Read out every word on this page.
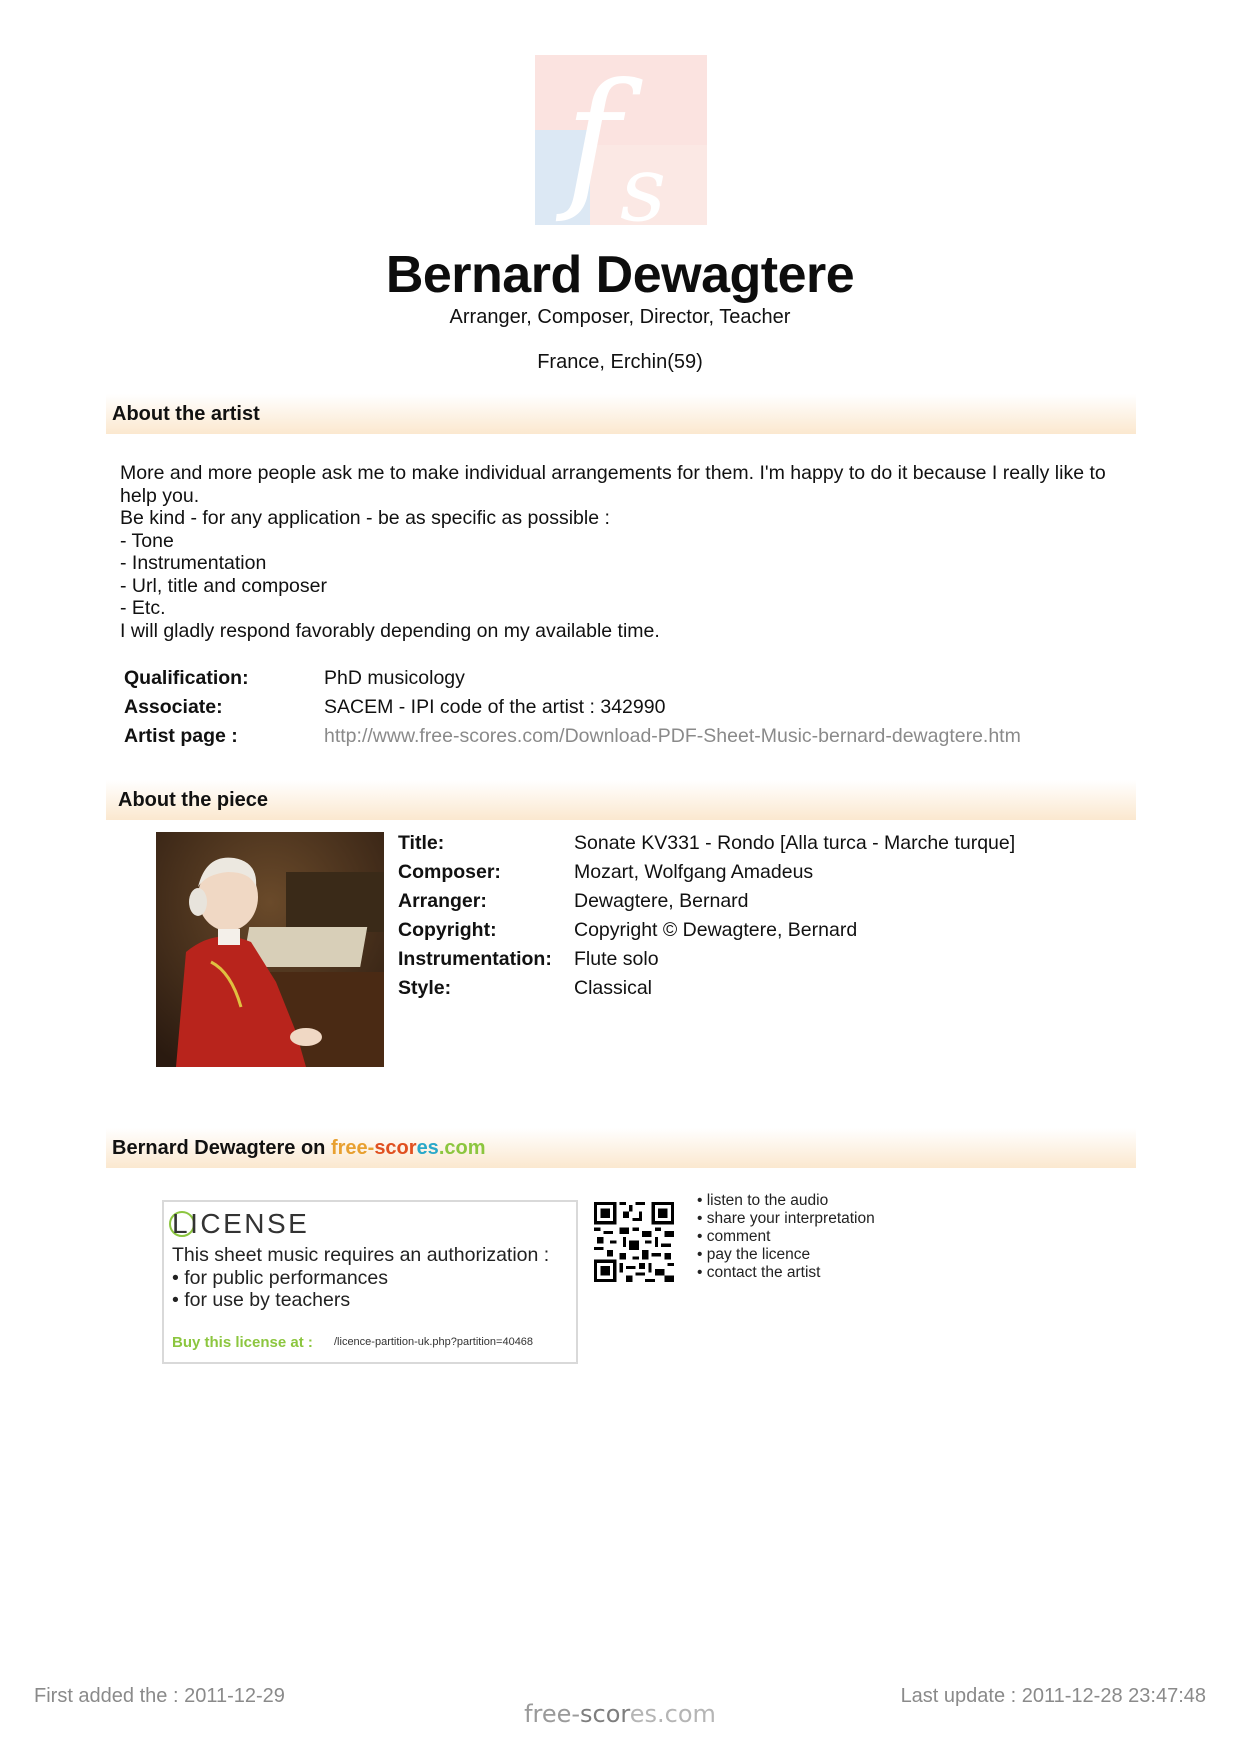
f s
Bernard Dewagtere
Arranger, Composer, Director, Teacher
France, Erchin(59)
About the artist
More and more people ask me to make individual arrangements for them. I'm happy to do it because I really like to help you.
Be kind - for any application - be as specific as possible :
- Tone
- Instrumentation
- Url, title and composer
- Etc.
I will gladly respond favorably depending on my available time.
Qualification:	PhD musicology
Associate:	SACEM - IPI code of the artist : 342990
Artist page :	http://www.free-scores.com/Download-PDF-Sheet-Music-bernard-dewagtere.htm
About the piece
Title:	Sonate KV331 - Rondo [Alla turca - Marche turque]
Composer:	Mozart, Wolfgang Amadeus
Arranger:	Dewagtere, Bernard
Copyright:	Copyright © Dewagtere, Bernard
Instrumentation:	Flute solo
Style:	Classical
Bernard Dewagtere on free-scores.com
LICENSE
This sheet music requires an authorization :
• for public performances
• for use by teachers
Buy this license at : /licence-partition-uk.php?partition=40468
• listen to the audio
• share your interpretation
• comment
• pay the licence
• contact the artist
First added the : 2011-12-29	Last update : 2011-12-28 23:47:48
free-scores.com
